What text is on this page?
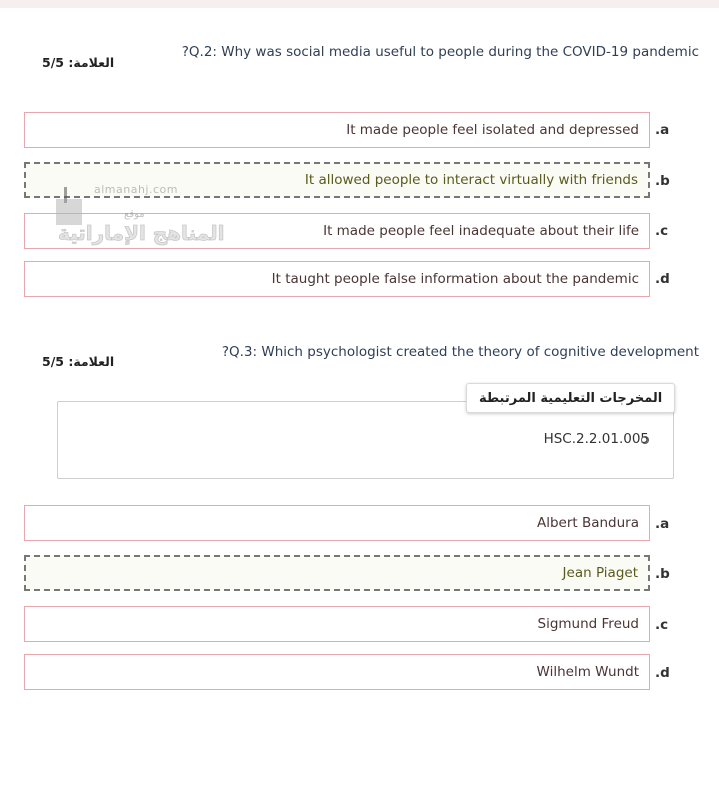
?Q.2: Why was social media useful to people during the COVID-19 pandemic
العلامة: 5/5
It made people feel isolated and depressed .a
It allowed people to interact virtually with friends .b
It made people feel inadequate about their life .c
It taught people false information about the pandemic .d
almanahj.com
موقع
المناهج الإماراتية
?Q.3: Which psychologist created the theory of cognitive development
العلامة: 5/5
المخرجات التعليمية المرتبطة
HSC.2.2.01.005
Albert Bandura .a
Jean Piaget .b
Sigmund Freud .c
Wilhelm Wundt .d
